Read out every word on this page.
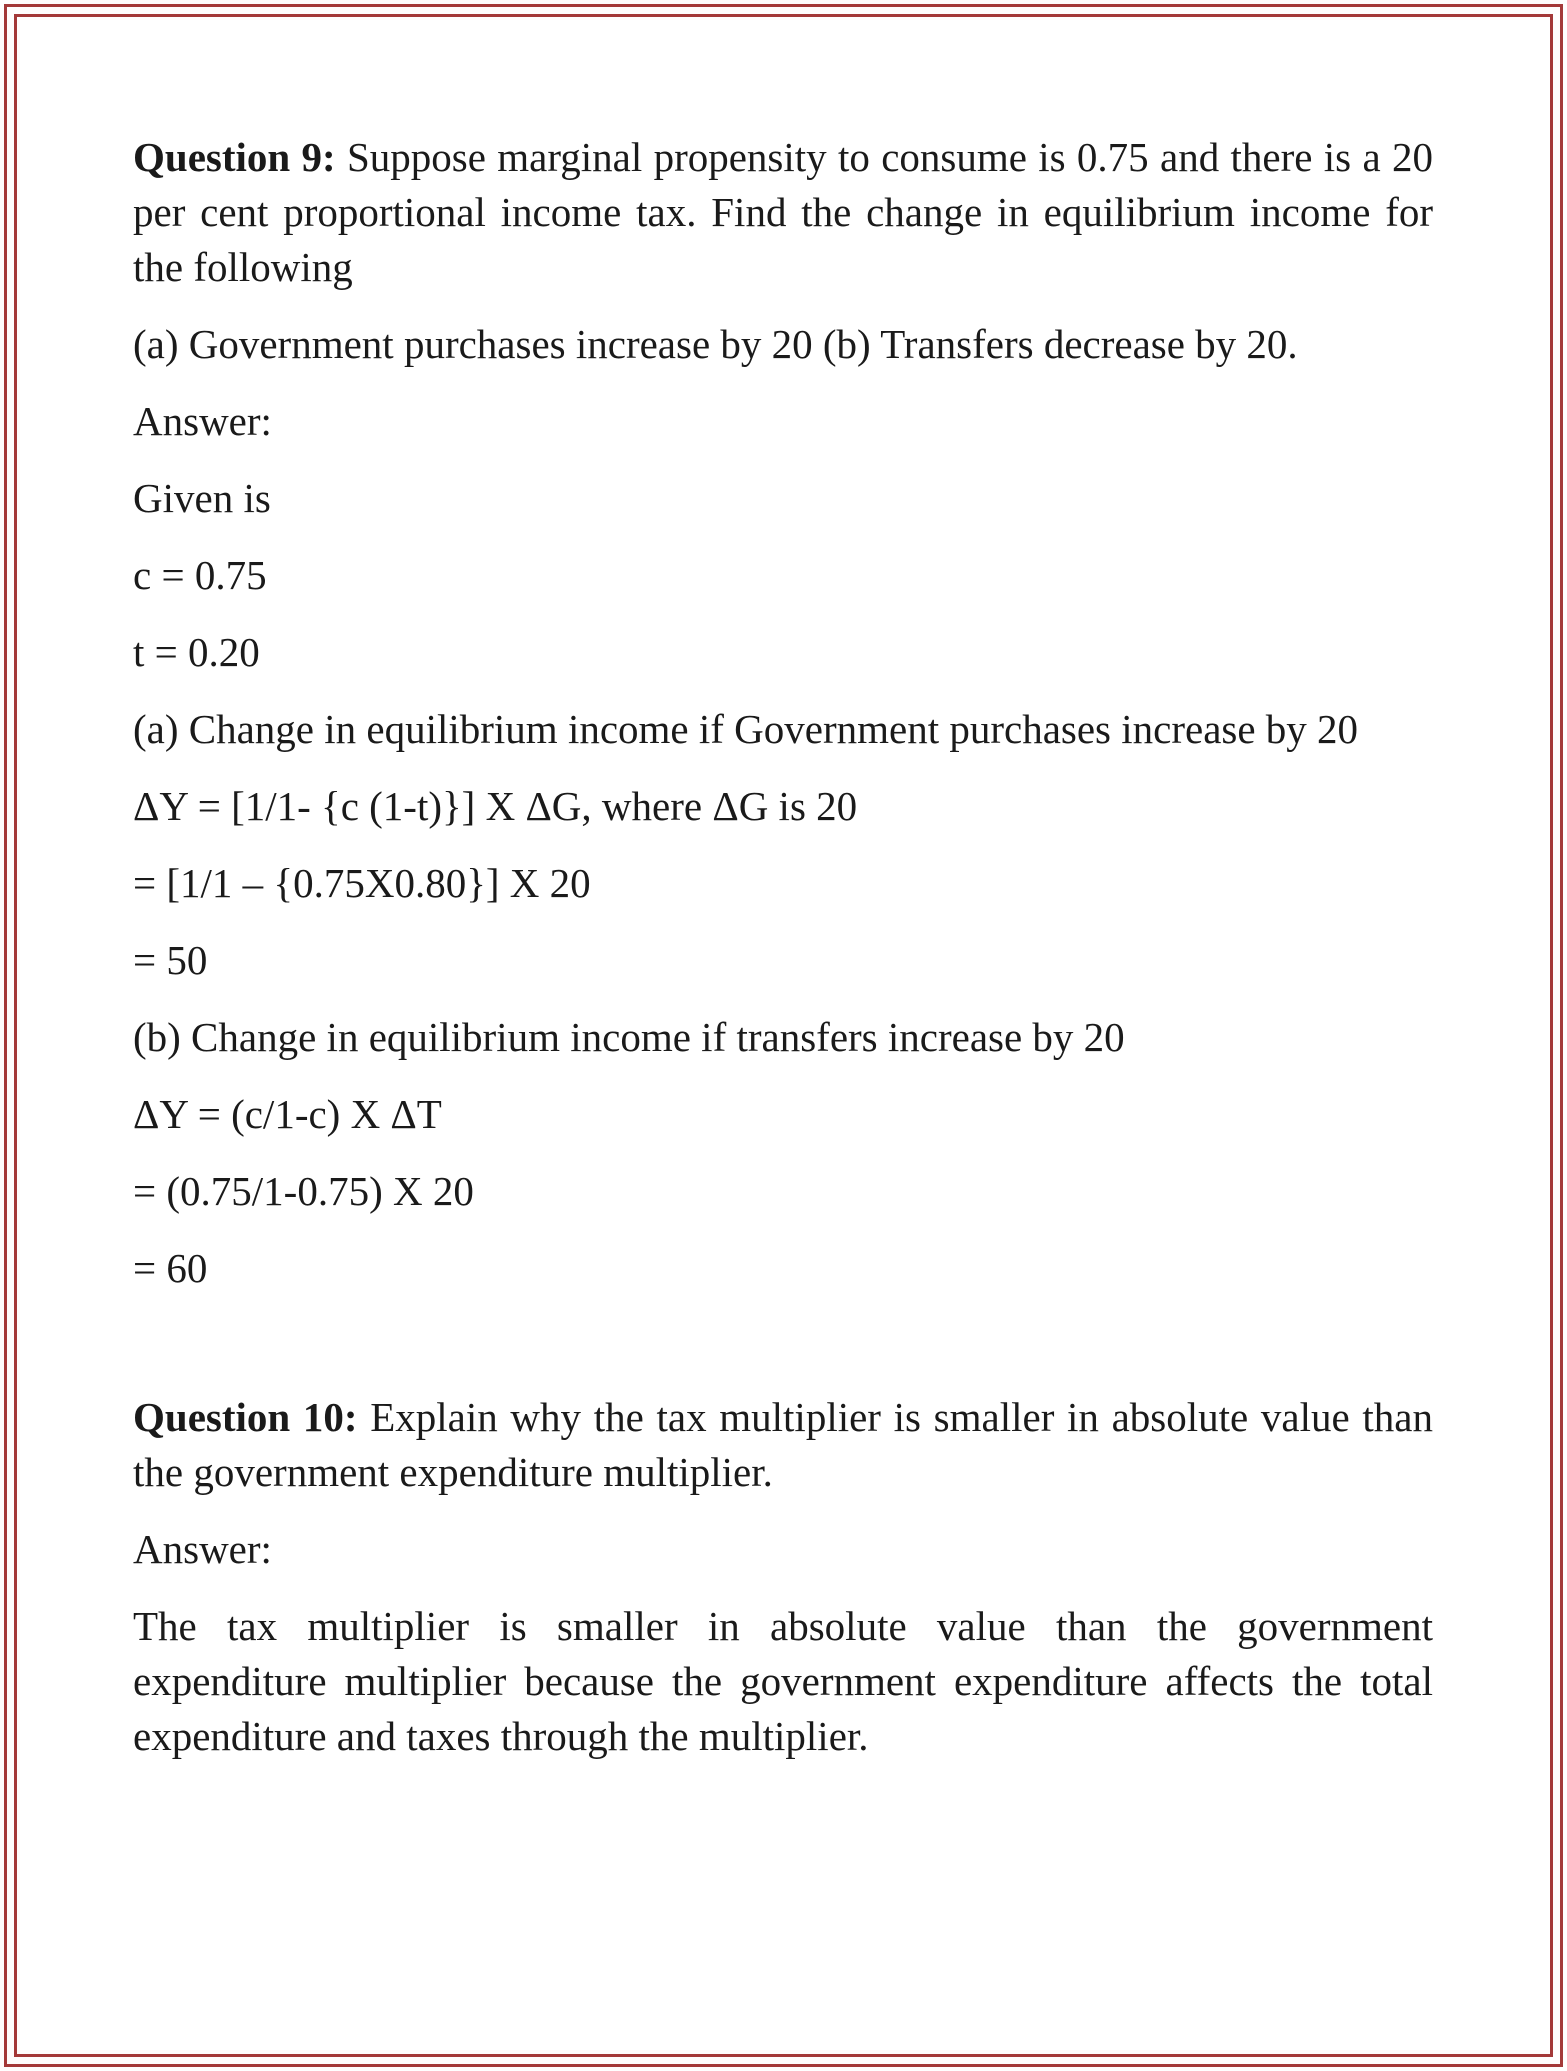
Question 9: Suppose marginal propensity to consume is 0.75 and there is a 20 per cent proportional income tax. Find the change in equilibrium income for the following

(a) Government purchases increase by 20 (b) Transfers decrease by 20.

Answer:

Given is

c = 0.75

t = 0.20

(a) Change in equilibrium income if Government purchases increase by 20

ΔY = [1/1- {c (1-t)}] X ΔG, where ΔG is 20

= [1/1 – {0.75X0.80}] X 20

= 50

(b) Change in equilibrium income if transfers increase by 20

ΔY = (c/1-c) X ΔT

= (0.75/1-0.75) X 20

= 60

Question 10: Explain why the tax multiplier is smaller in absolute value than the government expenditure multiplier.

Answer:

The tax multiplier is smaller in absolute value than the government expenditure multiplier because the government expenditure affects the total expenditure and taxes through the multiplier.
